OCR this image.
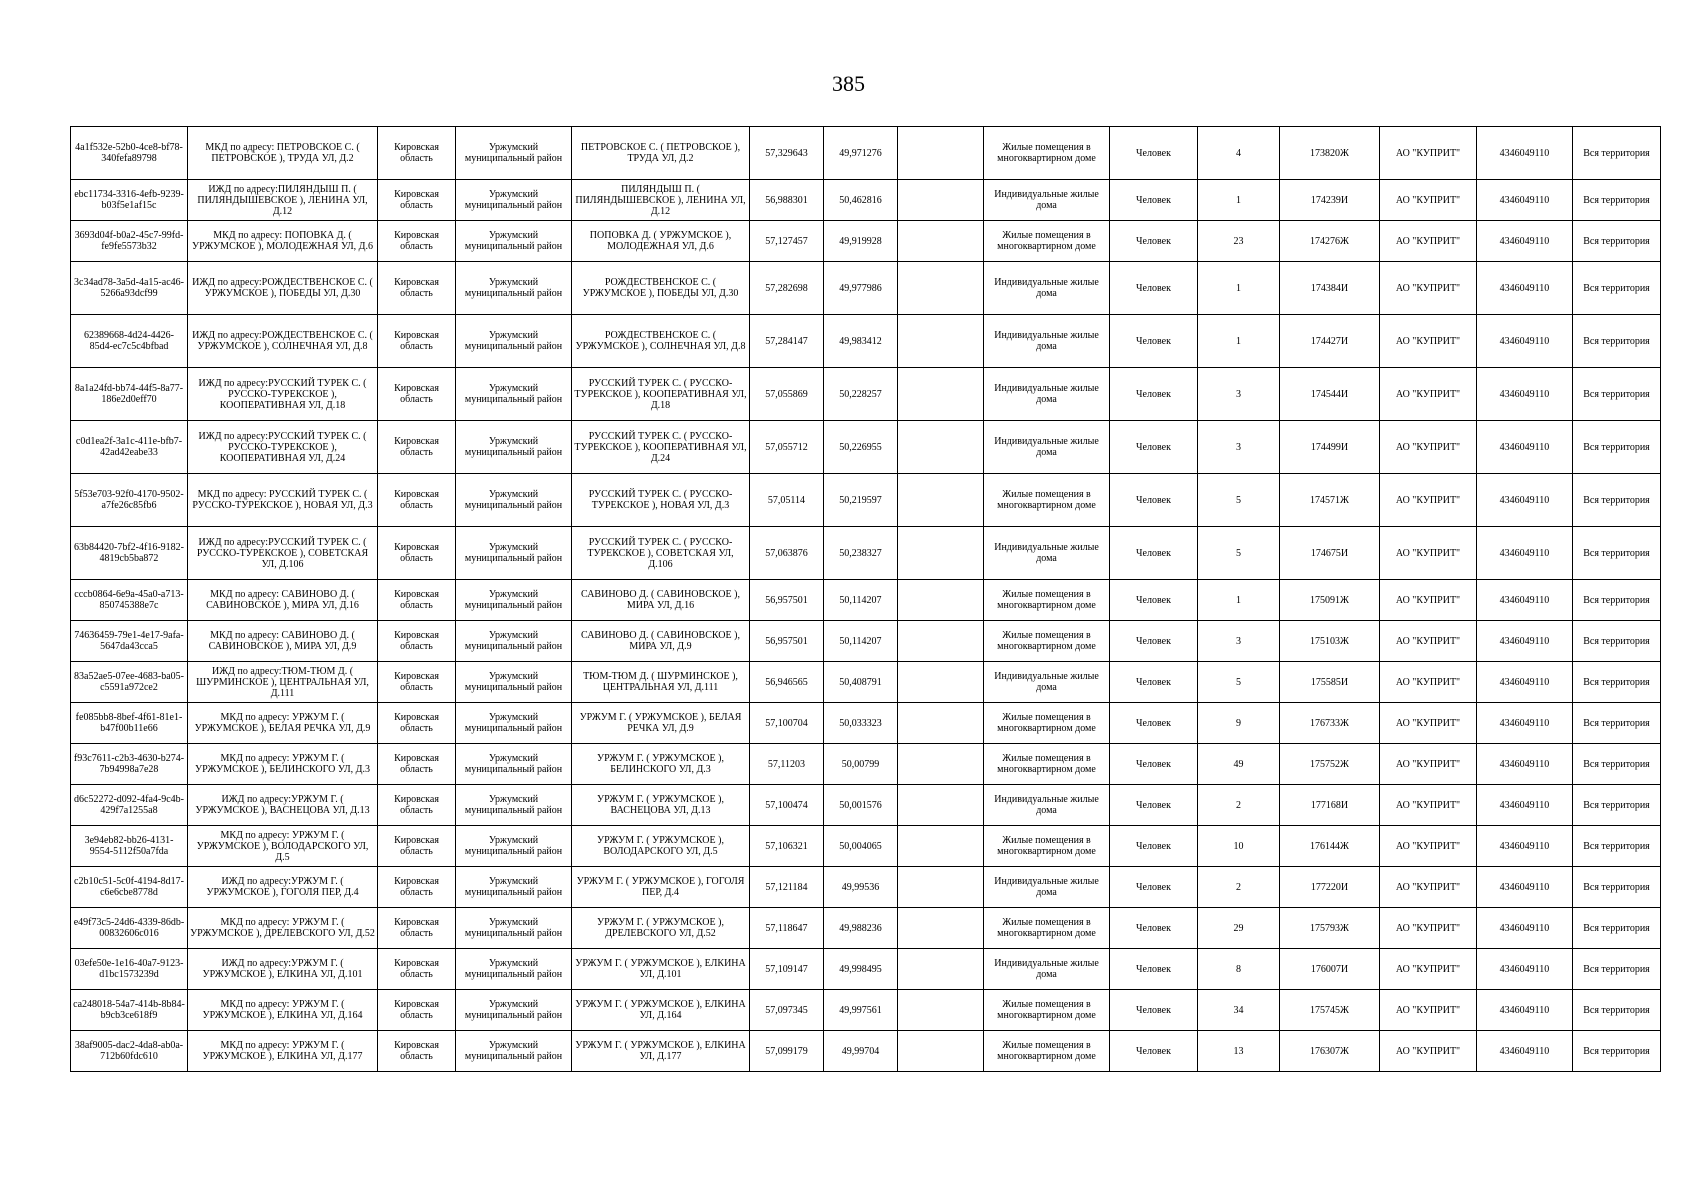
385
4a1f532e-52b0-4ce8-bf78-340fefa89798	МКД по адресу: ПЕТРОВСКОЕ С. ( ПЕТРОВСКОЕ ), ТРУДА УЛ, Д.2	Кировская область	Уржумский муниципальный район	ПЕТРОВСКОЕ С. ( ПЕТРОВСКОЕ ), ТРУДА УЛ, Д.2	57,329643	49,971276		Жилые помещения в многоквартирном доме	Человек	4	173820Ж	АО "КУПРИТ"	4346049110	Вся территория
ebc11734-3316-4efb-9239-b03f5e1af15c	ИЖД по адресу:ПИЛЯНДЫШ П. ( ПИЛЯНДЫШЕВСКОЕ ), ЛЕНИНА УЛ, Д.12	Кировская область	Уржумский муниципальный район	ПИЛЯНДЫШ П. ( ПИЛЯНДЫШЕВСКОЕ ), ЛЕНИНА УЛ, Д.12	56,988301	50,462816		Индивидуальные жилые дома	Человек	1	174239И	АО "КУПРИТ"	4346049110	Вся территория
3693d04f-b0a2-45c7-99fd-fe9fe5573b32	МКД по адресу: ПОПОВКА Д. ( УРЖУМСКОЕ ), МОЛОДЕЖНАЯ УЛ, Д.6	Кировская область	Уржумский муниципальный район	ПОПОВКА Д. ( УРЖУМСКОЕ ), МОЛОДЕЖНАЯ УЛ, Д.6	57,127457	49,919928		Жилые помещения в многоквартирном доме	Человек	23	174276Ж	АО "КУПРИТ"	4346049110	Вся территория
3c34ad78-3a5d-4a15-ac46-5266a93dcf99	ИЖД по адресу:РОЖДЕСТВЕНСКОЕ С. ( УРЖУМСКОЕ ), ПОБЕДЫ УЛ, Д.30	Кировская область	Уржумский муниципальный район	РОЖДЕСТВЕНСКОЕ С. ( УРЖУМСКОЕ ), ПОБЕДЫ УЛ, Д.30	57,282698	49,977986		Индивидуальные жилые дома	Человек	1	174384И	АО "КУПРИТ"	4346049110	Вся территория
62389668-4d24-4426-85d4-ec7c5c4bfbad	ИЖД по адресу:РОЖДЕСТВЕНСКОЕ С. ( УРЖУМСКОЕ ), СОЛНЕЧНАЯ УЛ, Д.8	Кировская область	Уржумский муниципальный район	РОЖДЕСТВЕНСКОЕ С. ( УРЖУМСКОЕ ), СОЛНЕЧНАЯ УЛ, Д.8	57,284147	49,983412		Индивидуальные жилые дома	Человек	1	174427И	АО "КУПРИТ"	4346049110	Вся территория
8a1a24fd-bb74-44f5-8a77-186e2d0eff70	ИЖД по адресу:РУССКИЙ ТУРЕК С. ( РУССКО-ТУРЕКСКОЕ ), КООПЕРАТИВНАЯ УЛ, Д.18	Кировская область	Уржумский муниципальный район	РУССКИЙ ТУРЕК С. ( РУССКО-ТУРЕКСКОЕ ), КООПЕРАТИВНАЯ УЛ, Д.18	57,055869	50,228257		Индивидуальные жилые дома	Человек	3	174544И	АО "КУПРИТ"	4346049110	Вся территория
c0d1ea2f-3a1c-411e-bfb7-42ad42eabe33	ИЖД по адресу:РУССКИЙ ТУРЕК С. ( РУССКО-ТУРЕКСКОЕ ), КООПЕРАТИВНАЯ УЛ, Д.24	Кировская область	Уржумский муниципальный район	РУССКИЙ ТУРЕК С. ( РУССКО-ТУРЕКСКОЕ ), КООПЕРАТИВНАЯ УЛ, Д.24	57,055712	50,226955		Индивидуальные жилые дома	Человек	3	174499И	АО "КУПРИТ"	4346049110	Вся территория
5f53e703-92f0-4170-9502-a7fe26c85fb6	МКД по адресу: РУССКИЙ ТУРЕК С. ( РУССКО-ТУРЕКСКОЕ ), НОВАЯ УЛ, Д.3	Кировская область	Уржумский муниципальный район	РУССКИЙ ТУРЕК С. ( РУССКО-ТУРЕКСКОЕ ), НОВАЯ УЛ, Д.3	57,05114	50,219597		Жилые помещения в многоквартирном доме	Человек	5	174571Ж	АО "КУПРИТ"	4346049110	Вся территория
63b84420-7bf2-4f16-9182-4819cb5ba872	ИЖД по адресу:РУССКИЙ ТУРЕК С. ( РУССКО-ТУРЕКСКОЕ ), СОВЕТСКАЯ УЛ, Д.106	Кировская область	Уржумский муниципальный район	РУССКИЙ ТУРЕК С. ( РУССКО-ТУРЕКСКОЕ ), СОВЕТСКАЯ УЛ, Д.106	57,063876	50,238327		Индивидуальные жилые дома	Человек	5	174675И	АО "КУПРИТ"	4346049110	Вся территория
cccb0864-6e9a-45a0-a713-850745388e7c	МКД по адресу: САВИНОВО Д. ( САВИНОВСКОЕ ), МИРА УЛ, Д.16	Кировская область	Уржумский муниципальный район	САВИНОВО Д. ( САВИНОВСКОЕ ), МИРА УЛ, Д.16	56,957501	50,114207		Жилые помещения в многоквартирном доме	Человек	1	175091Ж	АО "КУПРИТ"	4346049110	Вся территория
74636459-79e1-4e17-9afa-5647da43cca5	МКД по адресу: САВИНОВО Д. ( САВИНОВСКОЕ ), МИРА УЛ, Д.9	Кировская область	Уржумский муниципальный район	САВИНОВО Д. ( САВИНОВСКОЕ ), МИРА УЛ, Д.9	56,957501	50,114207		Жилые помещения в многоквартирном доме	Человек	3	175103Ж	АО "КУПРИТ"	4346049110	Вся территория
83a52ae5-07ee-4683-ba05-c5591a972ce2	ИЖД по адресу:ТЮМ-ТЮМ Д. ( ШУРМИНСКОЕ ), ЦЕНТРАЛЬНАЯ УЛ, Д.111	Кировская область	Уржумский муниципальный район	ТЮМ-ТЮМ Д. ( ШУРМИНСКОЕ ), ЦЕНТРАЛЬНАЯ УЛ, Д.111	56,946565	50,408791		Индивидуальные жилые дома	Человек	5	175585И	АО "КУПРИТ"	4346049110	Вся территория
fe085bb8-8bef-4f61-81e1-b47f00b11e66	МКД по адресу: УРЖУМ Г. ( УРЖУМСКОЕ ), БЕЛАЯ РЕЧКА УЛ, Д.9	Кировская область	Уржумский муниципальный район	УРЖУМ Г. ( УРЖУМСКОЕ ), БЕЛАЯ РЕЧКА УЛ, Д.9	57,100704	50,033323		Жилые помещения в многоквартирном доме	Человек	9	176733Ж	АО "КУПРИТ"	4346049110	Вся территория
f93c7611-c2b3-4630-b274-7b94998a7e28	МКД по адресу: УРЖУМ Г. ( УРЖУМСКОЕ ), БЕЛИНСКОГО УЛ, Д.3	Кировская область	Уржумский муниципальный район	УРЖУМ Г. ( УРЖУМСКОЕ ), БЕЛИНСКОГО УЛ, Д.3	57,11203	50,00799		Жилые помещения в многоквартирном доме	Человек	49	175752Ж	АО "КУПРИТ"	4346049110	Вся территория
d6c52272-d092-4fa4-9c4b-429f7a1255a8	ИЖД по адресу:УРЖУМ Г. ( УРЖУМСКОЕ ), ВАСНЕЦОВА УЛ, Д.13	Кировская область	Уржумский муниципальный район	УРЖУМ Г. ( УРЖУМСКОЕ ), ВАСНЕЦОВА УЛ, Д.13	57,100474	50,001576		Индивидуальные жилые дома	Человек	2	177168И	АО "КУПРИТ"	4346049110	Вся территория
3e94eb82-bb26-4131-9554-5112f50a7fda	МКД по адресу: УРЖУМ Г. ( УРЖУМСКОЕ ), ВОЛОДАРСКОГО УЛ, Д.5	Кировская область	Уржумский муниципальный район	УРЖУМ Г. ( УРЖУМСКОЕ ), ВОЛОДАРСКОГО УЛ, Д.5	57,106321	50,004065		Жилые помещения в многоквартирном доме	Человек	10	176144Ж	АО "КУПРИТ"	4346049110	Вся территория
c2b10c51-5c0f-4194-8d17-c6e6cbe8778d	ИЖД по адресу:УРЖУМ Г. ( УРЖУМСКОЕ ), ГОГОЛЯ ПЕР, Д.4	Кировская область	Уржумский муниципальный район	УРЖУМ Г. ( УРЖУМСКОЕ ), ГОГОЛЯ ПЕР, Д.4	57,121184	49,99536		Индивидуальные жилые дома	Человек	2	177220И	АО "КУПРИТ"	4346049110	Вся территория
e49f73c5-24d6-4339-86db-00832606c016	МКД по адресу: УРЖУМ Г. ( УРЖУМСКОЕ ), ДРЕЛЕВСКОГО УЛ, Д.52	Кировская область	Уржумский муниципальный район	УРЖУМ Г. ( УРЖУМСКОЕ ), ДРЕЛЕВСКОГО УЛ, Д.52	57,118647	49,988236		Жилые помещения в многоквартирном доме	Человек	29	175793Ж	АО "КУПРИТ"	4346049110	Вся территория
03efe50e-1e16-40a7-9123-d1bc1573239d	ИЖД по адресу:УРЖУМ Г. ( УРЖУМСКОЕ ), ЕЛКИНА УЛ, Д.101	Кировская область	Уржумский муниципальный район	УРЖУМ Г. ( УРЖУМСКОЕ ), ЕЛКИНА УЛ, Д.101	57,109147	49,998495		Индивидуальные жилые дома	Человек	8	176007И	АО "КУПРИТ"	4346049110	Вся территория
ca248018-54a7-414b-8b84-b9cb3ce618f9	МКД по адресу: УРЖУМ Г. ( УРЖУМСКОЕ ), ЕЛКИНА УЛ, Д.164	Кировская область	Уржумский муниципальный район	УРЖУМ Г. ( УРЖУМСКОЕ ), ЕЛКИНА УЛ, Д.164	57,097345	49,997561		Жилые помещения в многоквартирном доме	Человек	34	175745Ж	АО "КУПРИТ"	4346049110	Вся территория
38af9005-dac2-4da8-ab0a-712b60fdc610	МКД по адресу: УРЖУМ Г. ( УРЖУМСКОЕ ), ЕЛКИНА УЛ, Д.177	Кировская область	Уржумский муниципальный район	УРЖУМ Г. ( УРЖУМСКОЕ ), ЕЛКИНА УЛ, Д.177	57,099179	49,99704		Жилые помещения в многоквартирном доме	Человек	13	176307Ж	АО "КУПРИТ"	4346049110	Вся территория
